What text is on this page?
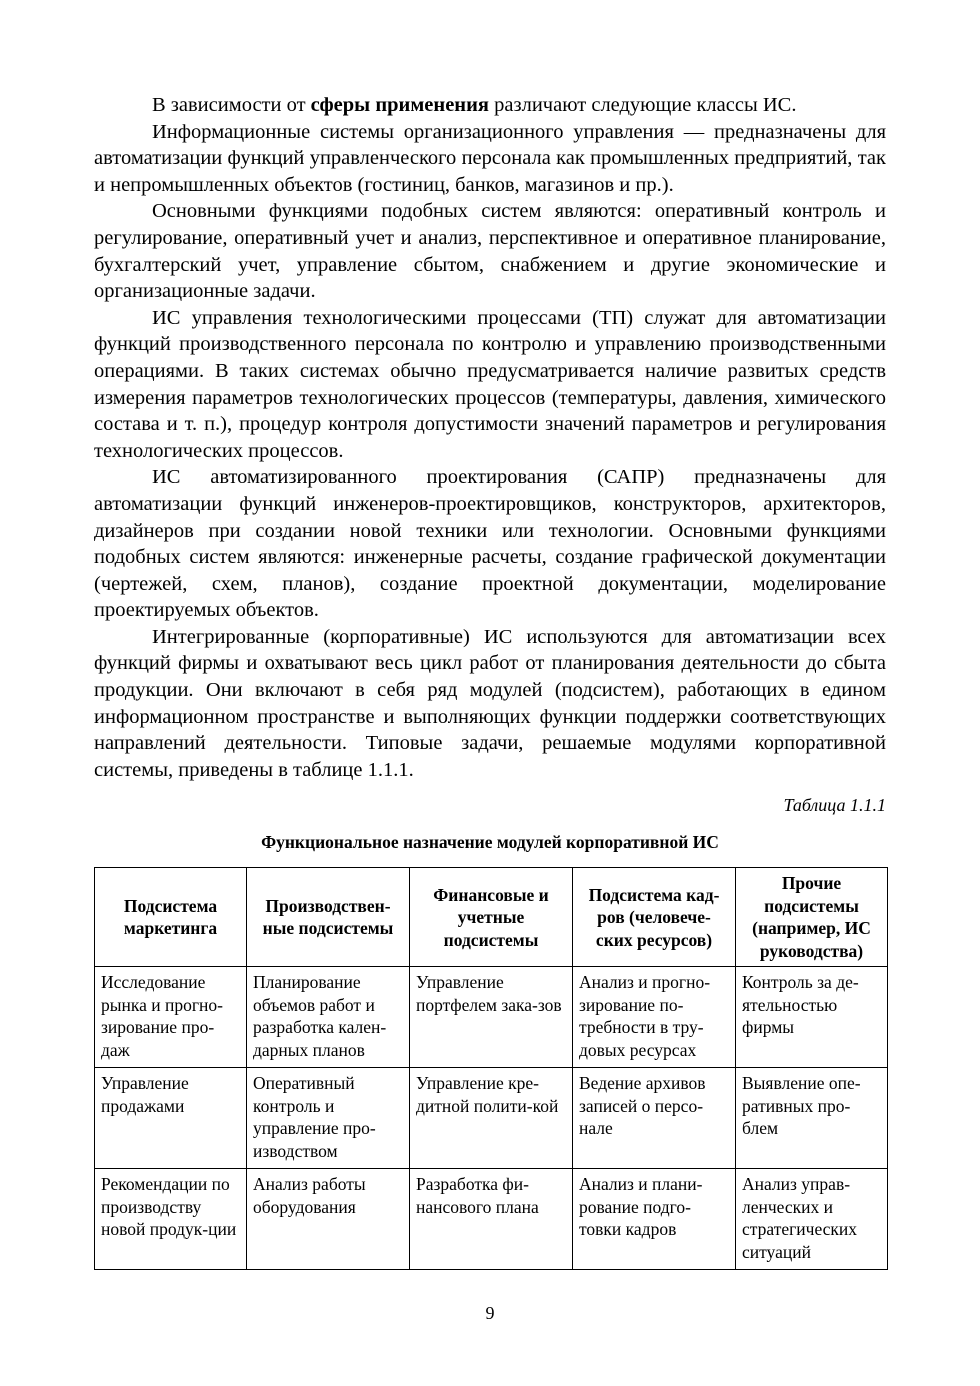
В зависимости от сферы применения различают следующие классы ИС.

Информационные системы организационного управления — предназначены для автоматизации функций управленческого персонала как промышленных предприятий, так и непромышленных объектов (гостиниц, банков, магазинов и пр.).

Основными функциями подобных систем являются: оперативный контроль и регулирование, оперативный учет и анализ, перспективное и оперативное планирование, бухгалтерский учет, управление сбытом, снабжением и другие экономические и организационные задачи.

ИС управления технологическими процессами (ТП) служат для автоматизации функций производственного персонала по контролю и управлению производственными операциями. В таких системах обычно предусматривается наличие развитых средств измерения параметров технологических процессов (температуры, давления, химического состава и т. п.), процедур контроля допустимости значений параметров и регулирования технологических процессов.

ИС автоматизированного проектирования (САПР) предназначены для автоматизации функций инженеров-проектировщиков, конструкторов, архитекторов, дизайнеров при создании новой техники или технологии. Основными функциями подобных систем являются: инженерные расчеты, создание графической документации (чертежей, схем, планов), создание проектной документации, моделирование проектируемых объектов.

Интегрированные (корпоративные) ИС используются для автоматизации всех функций фирмы и охватывают весь цикл работ от планирования деятельности до сбыта продукции. Они включают в себя ряд модулей (подсистем), работающих в едином информационном пространстве и выполняющих функции поддержки соответствующих направлений деятельности. Типовые задачи, решаемые модулями корпоративной системы, приведены в таблице 1.1.1.

Таблица 1.1.1

Функциональное назначение модулей корпоративной ИС

Подсистема маркетинга	Производствен-ные подсистемы	Финансовые и учетные подсистемы	Подсистема кад-ров (человече-ских ресурсов)	Прочие подсистемы (например, ИС руководства)
Исследование рынка и прогно-зирование про-даж	Планирование объемов работ и разработка кален-дарных планов	Управление портфелем зака-зов	Анализ и прогно-зирование по-требности в тру-довых ресурсах	Контроль за де-ятельностью фирмы
Управление продажами	Оперативный контроль и управление про-изводством	Управление кре-дитной полити-кой	Ведение архивов записей о персо-нале	Выявление опе-ративных про-блем
Рекомендации по производству новой продук-ции	Анализ работы оборудования	Разработка фи-нансового плана	Анализ и плани-рование подго-товки кадров	Анализ управ-ленческих и стратегических ситуаций
9
